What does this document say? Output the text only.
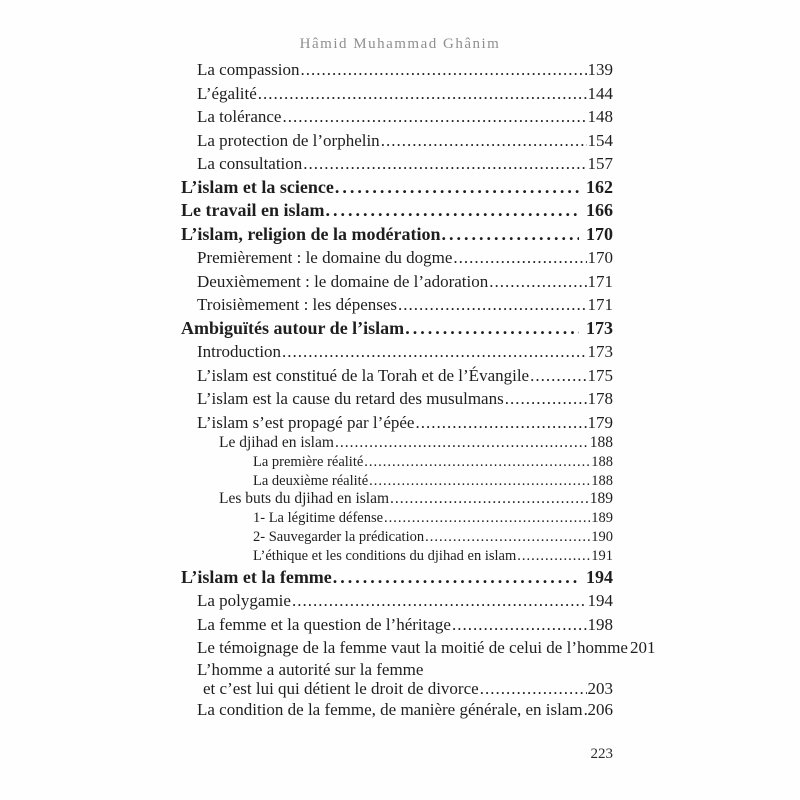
Hâmid Muhammad Ghânim
La compassion .....	139
L’égalité .....	144
La tolérance .....	148
La protection de l’orphelin .....	154
La consultation .....	157
L’islam et la science .....	162
Le travail en islam .....	166
L’islam, religion de la modération .....	170
Premièrement : le domaine du dogme .....	170
Deuxièmement : le domaine de l’adoration .....	171
Troisièmement : les dépenses .....	171
Ambiguïtés autour de l’islam .....	173
Introduction .....	173
L’islam est constitué de la Torah et de l’Évangile .....	175
L’islam est la cause du retard des musulmans .....	178
L’islam s’est propagé par l’épée .....	179
Le djihad en islam .....	188
La première réalité .....	188
La deuxième réalité .....	188
Les buts du djihad en islam .....	189
1- La légitime défense .....	189
2- Sauvegarder la prédication .....	190
L’éthique et les conditions du djihad en islam .....	191
L’islam et la femme .....	194
La polygamie .....	194
La femme et la question de l’héritage .....	198
Le témoignage de la femme vaut la moitié de celui de l’homme 201
L’homme a autorité sur la femme
et c’est lui qui détient le droit de divorce .....	203
La condition de la femme, de manière générale, en islam ..... 206
223
